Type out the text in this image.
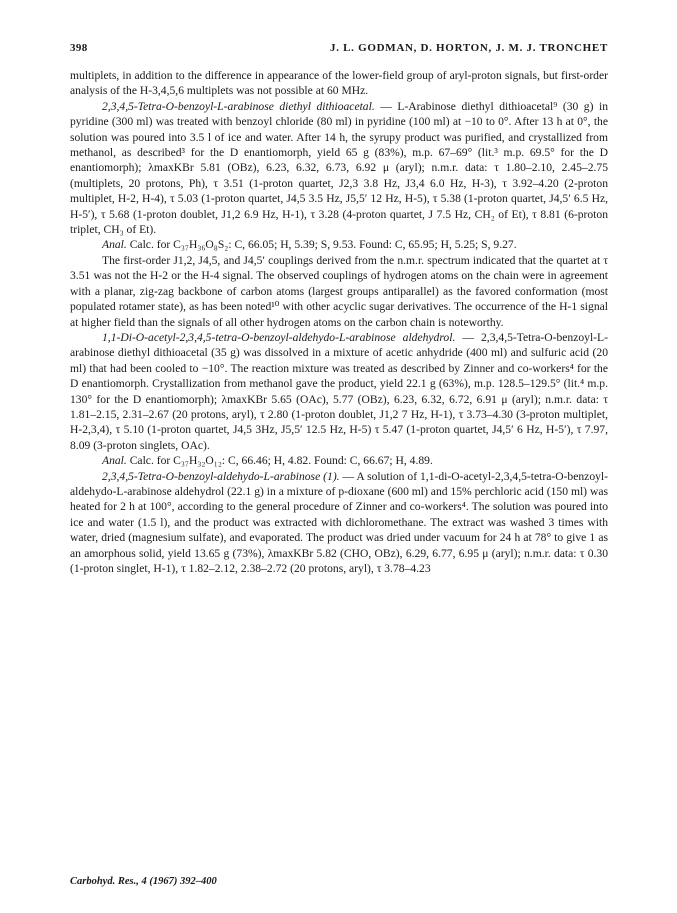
398	J. L. GODMAN, D. HORTON, J. M. J. TRONCHET

multiplets, in addition to the difference in appearance of the lower-field group of aryl-proton signals, but first-order analysis of the H-3,4,5,6 multiplets was not possible at 60 MHz.

2,3,4,5-Tetra-O-benzoyl-L-arabinose diethyl dithioacetal. — L-Arabinose diethyl dithioacetal⁹ (30 g) in pyridine (300 ml) was treated with benzoyl chloride (80 ml) in pyridine (100 ml) at −10 to 0°. After 13 h at 0°, the solution was poured into 3.5 l of ice and water. After 14 h, the syrupy product was purified, and crystallized from methanol, as described³ for the D enantiomorph, yield 65 g (83%), m.p. 67–69° (lit.³ m.p. 69.5° for the D enantiomorph); λmaxKBr 5.81 (OBz), 6.23, 6.32, 6.73, 6.92 μ (aryl); n.m.r. data: τ 1.80–2.10, 2.45–2.75 (multiplets, 20 protons, Ph), τ 3.51 (1-proton quartet, J2,3 3.8 Hz, J3,4 6.0 Hz, H-3), τ 3.92–4.20 (2-proton multiplet, H-2, H-4), τ 5.03 (1-proton quartet, J4,5 3.5 Hz, J5,5′ 12 Hz, H-5), τ 5.38 (1-proton quartet, J4,5′ 6.5 Hz, H-5′), τ 5.68 (1-proton doublet, J1,2 6.9 Hz, H-1), τ 3.28 (4-proton quartet, J 7.5 Hz, CH₂ of Et), τ 8.81 (6-proton triplet, CH₃ of Et).

Anal. Calc. for C₃₇H₃₆O₈S₂: C, 66.05; H, 5.39; S, 9.53. Found: C, 65.95; H, 5.25; S, 9.27.

The first-order J1,2, J4,5, and J4,5′ couplings derived from the n.m.r. spectrum indicated that the quartet at τ 3.51 was not the H-2 or the H-4 signal. The observed couplings of hydrogen atoms on the chain were in agreement with a planar, zig-zag backbone of carbon atoms (largest groups antiparallel) as the favored conformation (most populated rotamer state), as has been noted¹⁰ with other acyclic sugar derivatives. The occurrence of the H-1 signal at higher field than the signals of all other hydrogen atoms on the carbon chain is noteworthy.

1,1-Di-O-acetyl-2,3,4,5-tetra-O-benzoyl-aldehydo-L-arabinose aldehydrol. — 2,3,4,5-Tetra-O-benzoyl-L-arabinose diethyl dithioacetal (35 g) was dissolved in a mixture of acetic anhydride (400 ml) and sulfuric acid (20 ml) that had been cooled to −10°. The reaction mixture was treated as described by Zinner and co-workers⁴ for the D enantiomorph. Crystallization from methanol gave the product, yield 22.1 g (63%), m.p. 128.5–129.5° (lit.⁴ m.p. 130° for the D enantiomorph); λmaxKBr 5.65 (OAc), 5.77 (OBz), 6.23, 6.32, 6.72, 6.91 μ (aryl); n.m.r. data: τ 1.81–2.15, 2.31–2.67 (20 protons, aryl), τ 2.80 (1-proton doublet, J1,2 7 Hz, H-1), τ 3.73–4.30 (3-proton multiplet, H-2,3,4), τ 5.10 (1-proton quartet, J4,5 3Hz, J5,5′ 12.5 Hz, H-5) τ 5.47 (1-proton quartet, J4,5′ 6 Hz, H-5′), τ 7.97, 8.09 (3-proton singlets, OAc).

Anal. Calc. for C₃₇H₃₂O₁₂: C, 66.46; H, 4.82. Found: C, 66.67; H, 4.89.

2,3,4,5-Tetra-O-benzoyl-aldehydo-L-arabinose (1). — A solution of 1,1-di-O-acetyl-2,3,4,5-tetra-O-benzoyl-aldehydo-L-arabinose aldehydrol (22.1 g) in a mixture of p-dioxane (600 ml) and 15% perchloric acid (150 ml) was heated for 2 h at 100°, according to the general procedure of Zinner and co-workers⁴. The solution was poured into ice and water (1.5 l), and the product was extracted with dichloromethane. The extract was washed 3 times with water, dried (magnesium sulfate), and evaporated. The product was dried under vacuum for 24 h at 78° to give 1 as an amorphous solid, yield 13.65 g (73%), λmaxKBr 5.82 (CHO, OBz), 6.29, 6.77, 6.95 μ (aryl); n.m.r. data: τ 0.30 (1-proton singlet, H-1), τ 1.82–2.12, 2.38–2.72 (20 protons, aryl), τ 3.78–4.23

Carbohyd. Res., 4 (1967) 392–400
